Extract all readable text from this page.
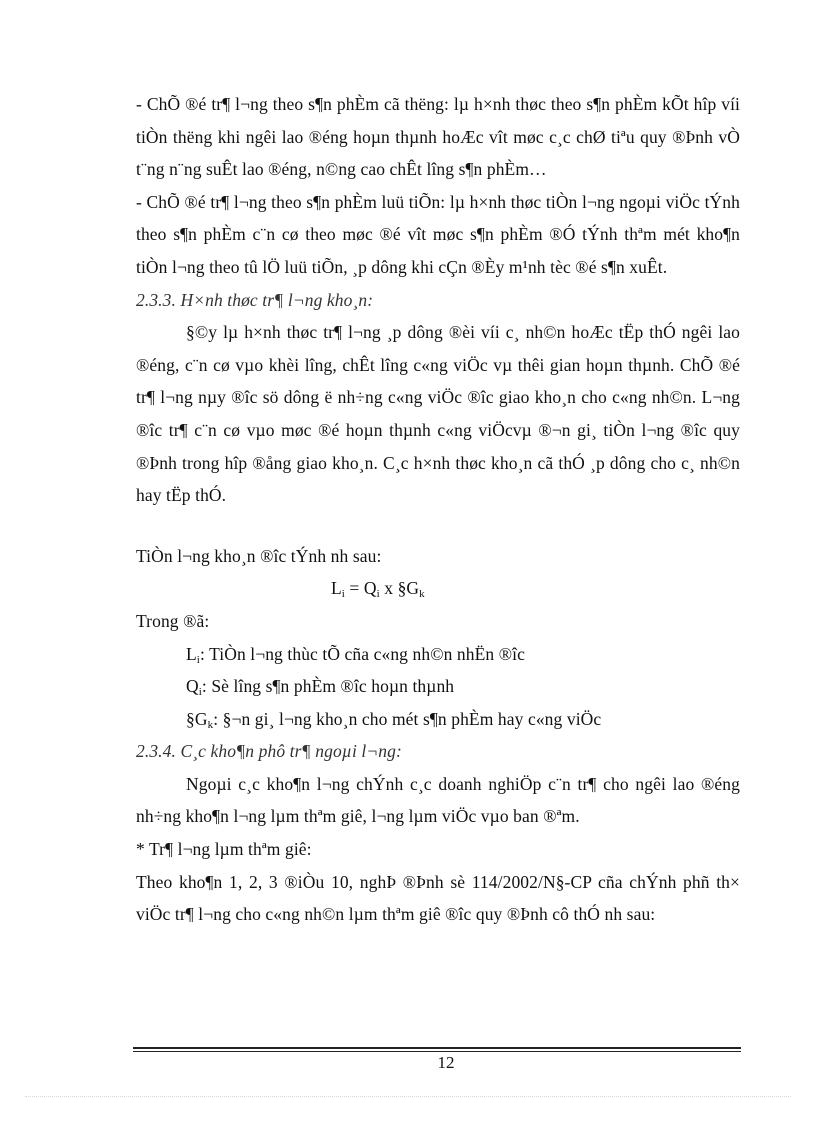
- ChÕ ®é tr¶ l¬ng theo s¶n phÈm cã thëng: lµ h×nh thøc theo s¶n phÈm kÕt hîp víi tiÒn thëng khi ngêi lao ®éng hoµn thµnh hoÆc vît møc c¸c chØ tiªu quy ®Þnh vÒ t¨ng n¨ng suÊt lao ®éng, n©ng cao chÊt lîng s¶n phÈm…

- ChÕ ®é tr¶ l¬ng theo s¶n phÈm luü tiÕn: lµ h×nh thøc tiÒn l¬ng ngoµi viÖc tÝnh theo s¶n phÈm c¨n cø theo møc ®é vît møc s¶n phÈm ®Ó tÝnh thªm mét kho¶n tiÒn l¬ng theo tû lÖ luü tiÕn, ¸p dông khi cÇn ®Èy m¹nh tèc ®é s¶n xuÊt.

2.3.3. H×nh thøc tr¶ l¬ng kho¸n:

§©y lµ h×nh thøc tr¶ l¬ng ¸p dông ®èi víi c¸ nh©n hoÆc tËp thÓ ngêi lao ®éng, c¨n cø vµo khèi lîng, chÊt lîng c«ng viÖc vµ thêi gian hoµn thµnh. ChÕ ®é tr¶ l¬ng nµy ®îc sö dông ë nh÷ng c«ng viÖc ®îc giao kho¸n cho c«ng nh©n. L¬ng ®îc tr¶ c¨n cø vµo møc ®é hoµn thµnh c«ng viÖcvµ ®¬n gi¸ tiÒn l¬ng ®îc quy ®Þnh trong hîp ®ång giao kho¸n. C¸c h×nh thøc kho¸n cã thÓ ¸p dông cho c¸ nh©n hay tËp thÓ.

TiÒn l¬ng kho¸n ®îc tÝnh nh sau:

$L_i = Q_i$ x $\S G_k$

Trong ®ã:

$L_i$: TiÒn l¬ng thùc tÕ cña c«ng nh©n nhËn ®îc

$Q_i$: Sè lîng s¶n phÈm ®îc hoµn thµnh

$\S G_k$: §¬n gi¸ l¬ng kho¸n cho mét s¶n phÈm hay c«ng viÖc

2.3.4. C¸c kho¶n phô tr¶ ngoµi l¬ng:

Ngoµi c¸c kho¶n l¬ng chÝnh c¸c doanh nghiÖp c¨n tr¶ cho ngêi lao ®éng nh÷ng kho¶n l¬ng lµm thªm giê, l¬ng lµm viÖc vµo ban ®ªm.

* Tr¶ l¬ng lµm thªm giê:

Theo kho¶n 1, 2, 3 ®iÒu 10, nghÞ ®Þnh sè 114/2002/N§-CP cña chÝnh phñ th× viÖc tr¶ l¬ng cho c«ng nh©n lµm thªm giê ®îc quy ®Þnh cô thÓ nh sau:

12
